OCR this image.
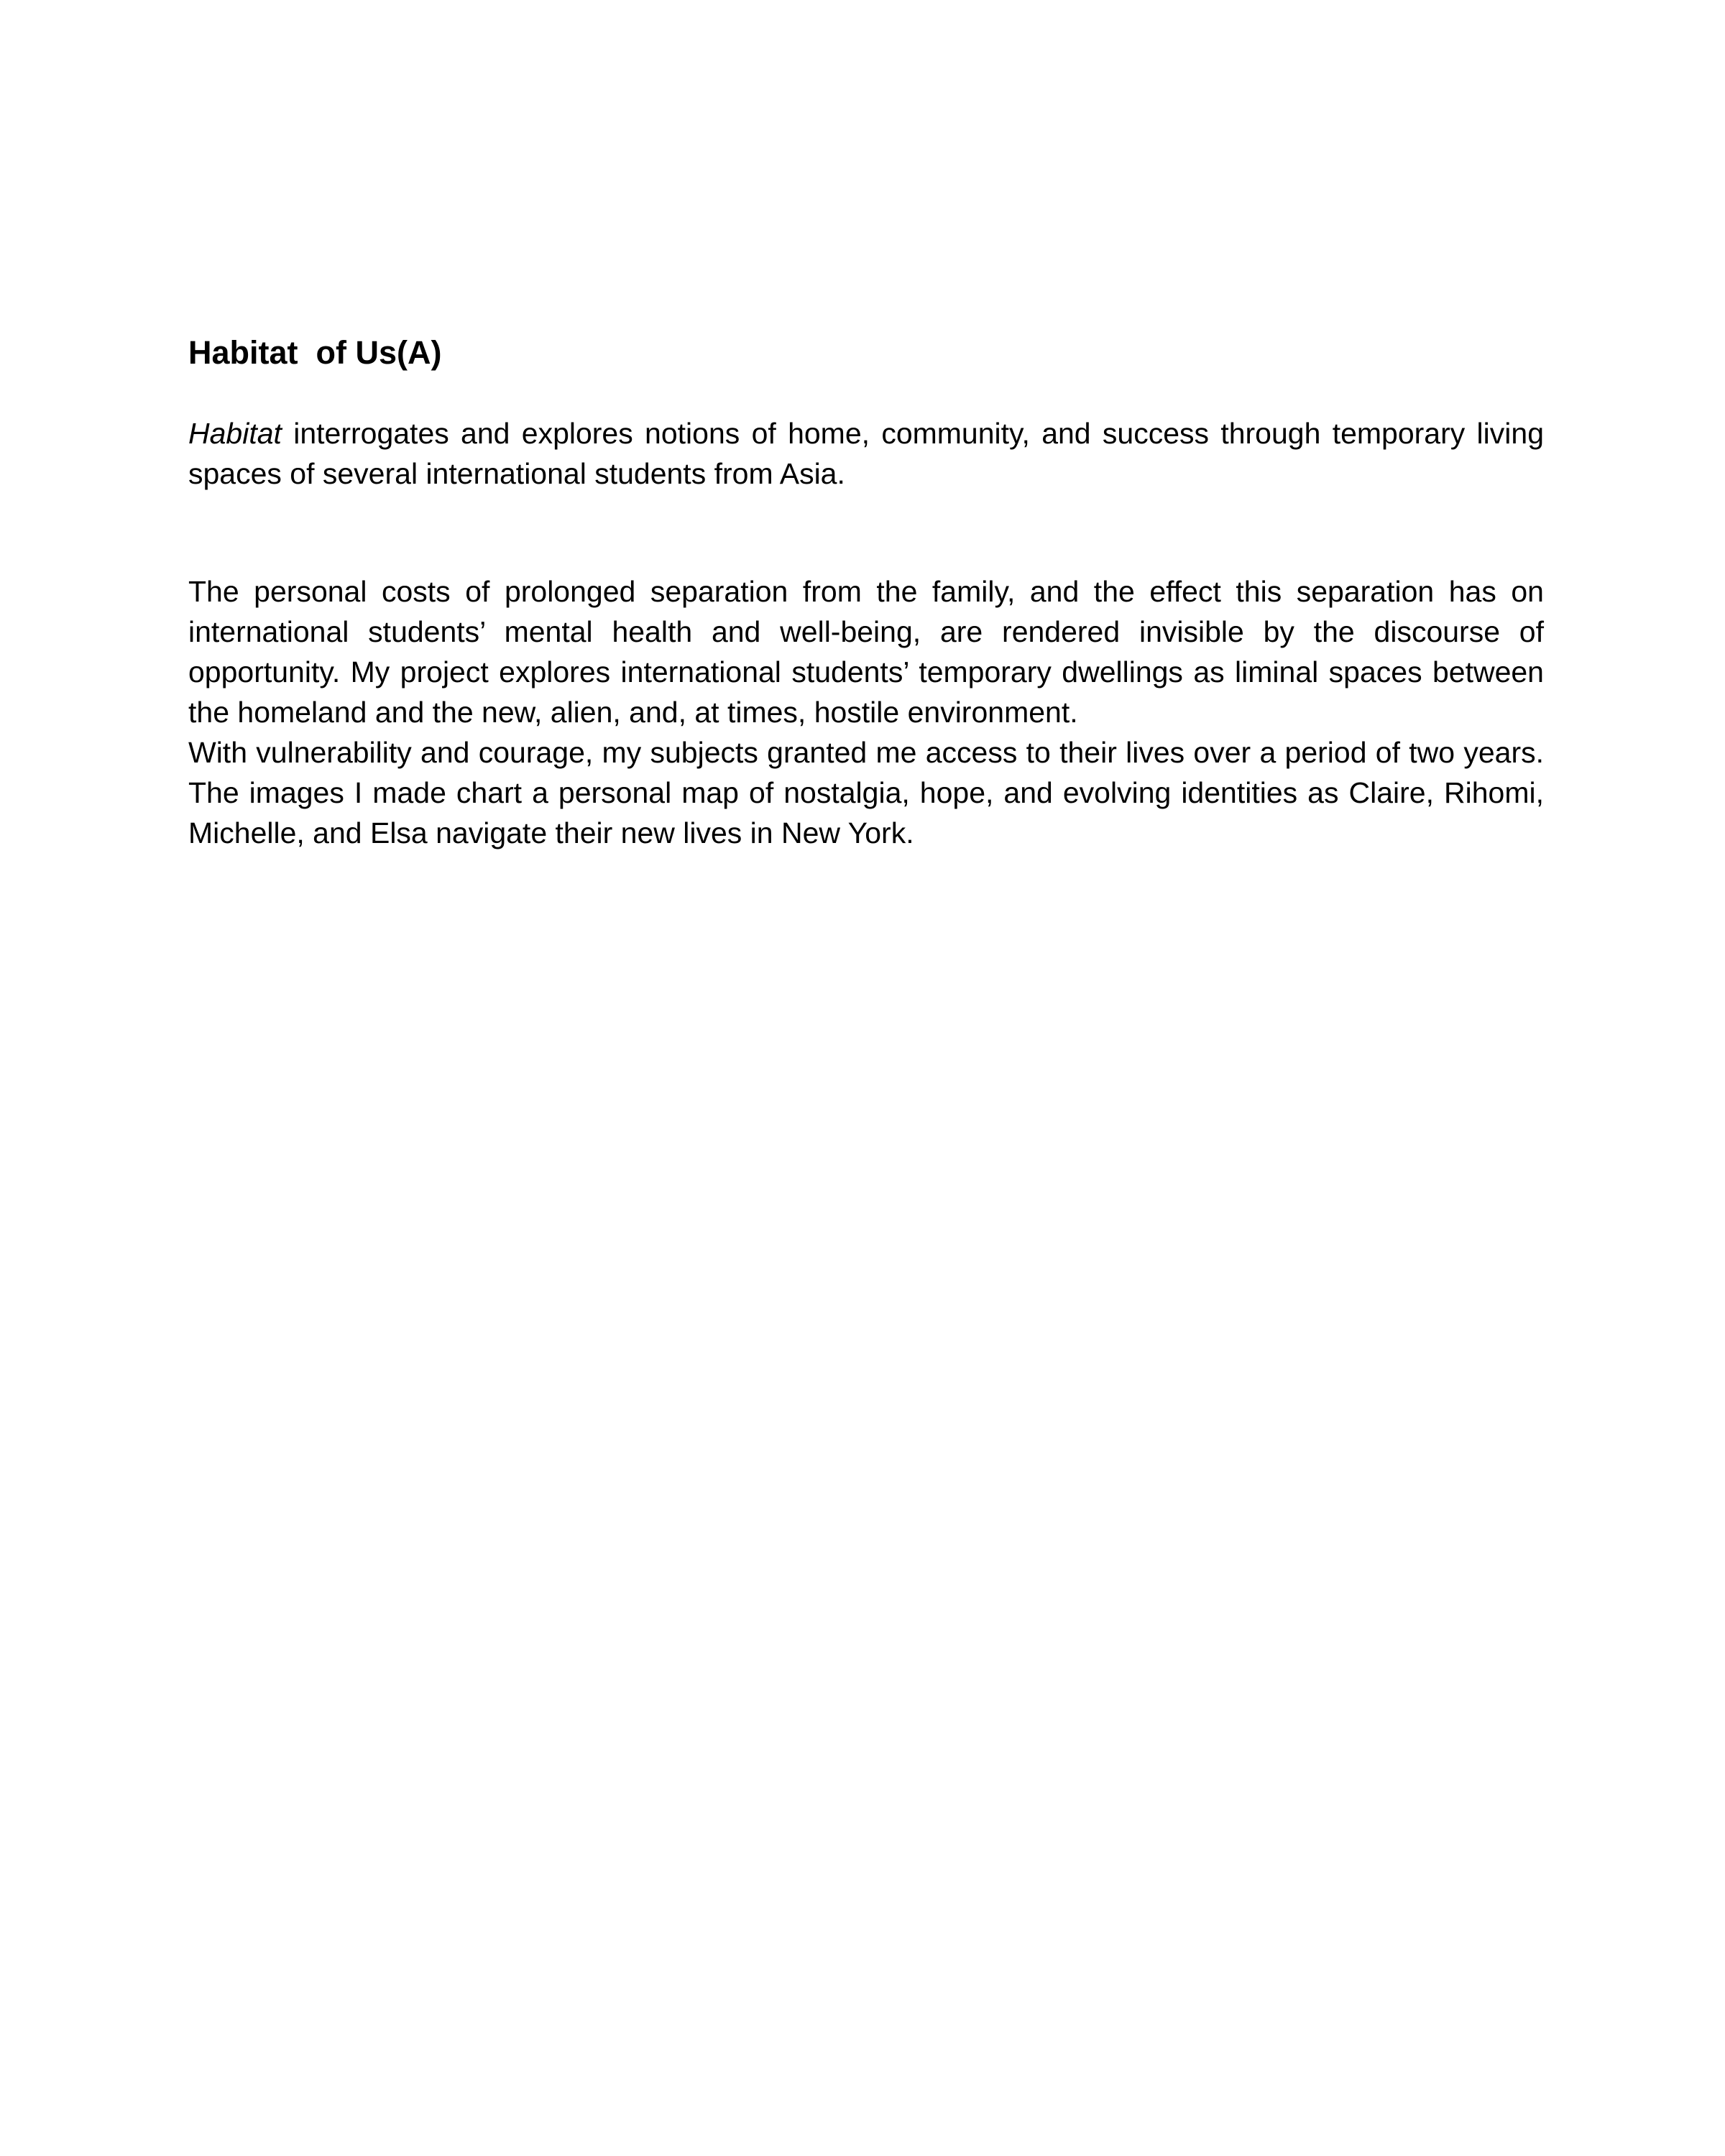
Habitat  of Us(A)

Habitat interrogates and explores notions of home, community, and success through temporary living spaces of several international students from Asia.

The personal costs of prolonged separation from the family, and the effect this separation has on international students’ mental health and well-being, are rendered invisible by the discourse of opportunity. My project explores international students’ temporary dwellings as liminal spaces between the homeland and the new, alien, and, at times, hostile environment.

With vulnerability and courage, my subjects granted me access to their lives over a period of two years. The images I made chart a personal map of nostalgia, hope, and evolving identities as Claire, Rihomi, Michelle, and Elsa navigate their new lives in New York.
